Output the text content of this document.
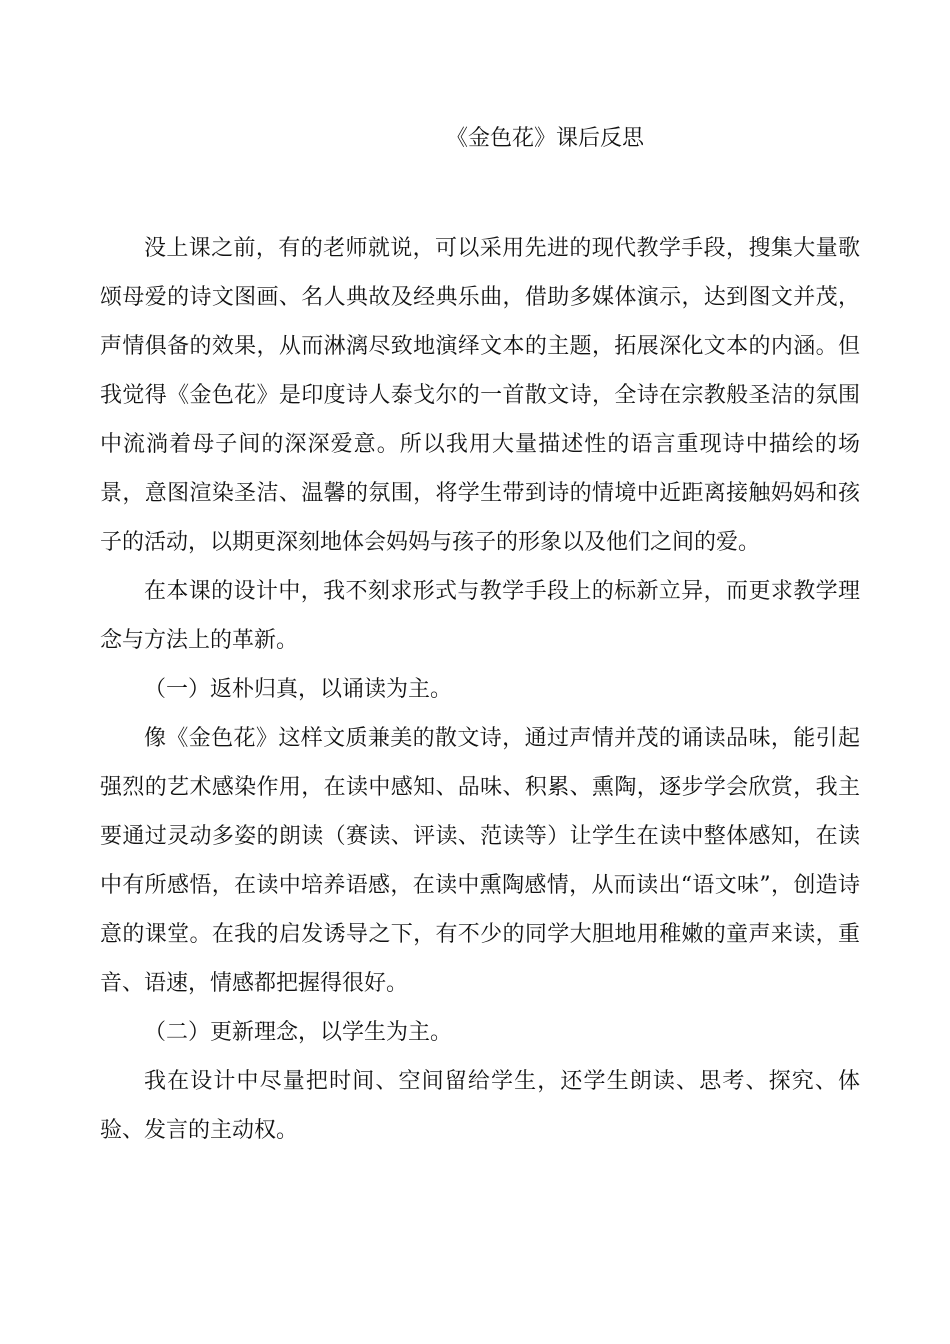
《金色花》课后反思

没上课之前，有的老师就说，可以采用先进的现代教学手段，搜集大量歌颂母爱的诗文图画、名人典故及经典乐曲，借助多媒体演示，达到图文并茂，声情俱备的效果，从而淋漓尽致地演绎文本的主题，拓展深化文本的内涵。但我觉得《金色花》是印度诗人泰戈尔的一首散文诗，全诗在宗教般圣洁的氛围中流淌着母子间的深深爱意。所以我用大量描述性的语言重现诗中描绘的场景，意图渲染圣洁、温馨的氛围，将学生带到诗的情境中近距离接触妈妈和孩子的活动，以期更深刻地体会妈妈与孩子的形象以及他们之间的爱。

在本课的设计中，我不刻求形式与教学手段上的标新立异，而更求教学理念与方法上的革新。

（一）返朴归真，以诵读为主。

像《金色花》这样文质兼美的散文诗，通过声情并茂的诵读品味，能引起强烈的艺术感染作用，在读中感知、品味、积累、熏陶，逐步学会欣赏，我主要通过灵动多姿的朗读（赛读、评读、范读等）让学生在读中整体感知，在读中有所感悟，在读中培养语感，在读中熏陶感情，从而读出“语文味”，创造诗意的课堂。在我的启发诱导之下，有不少的同学大胆地用稚嫩的童声来读，重音、语速，情感都把握得很好。

（二）更新理念，以学生为主。

我在设计中尽量把时间、空间留给学生，还学生朗读、思考、探究、体验、发言的主动权。
